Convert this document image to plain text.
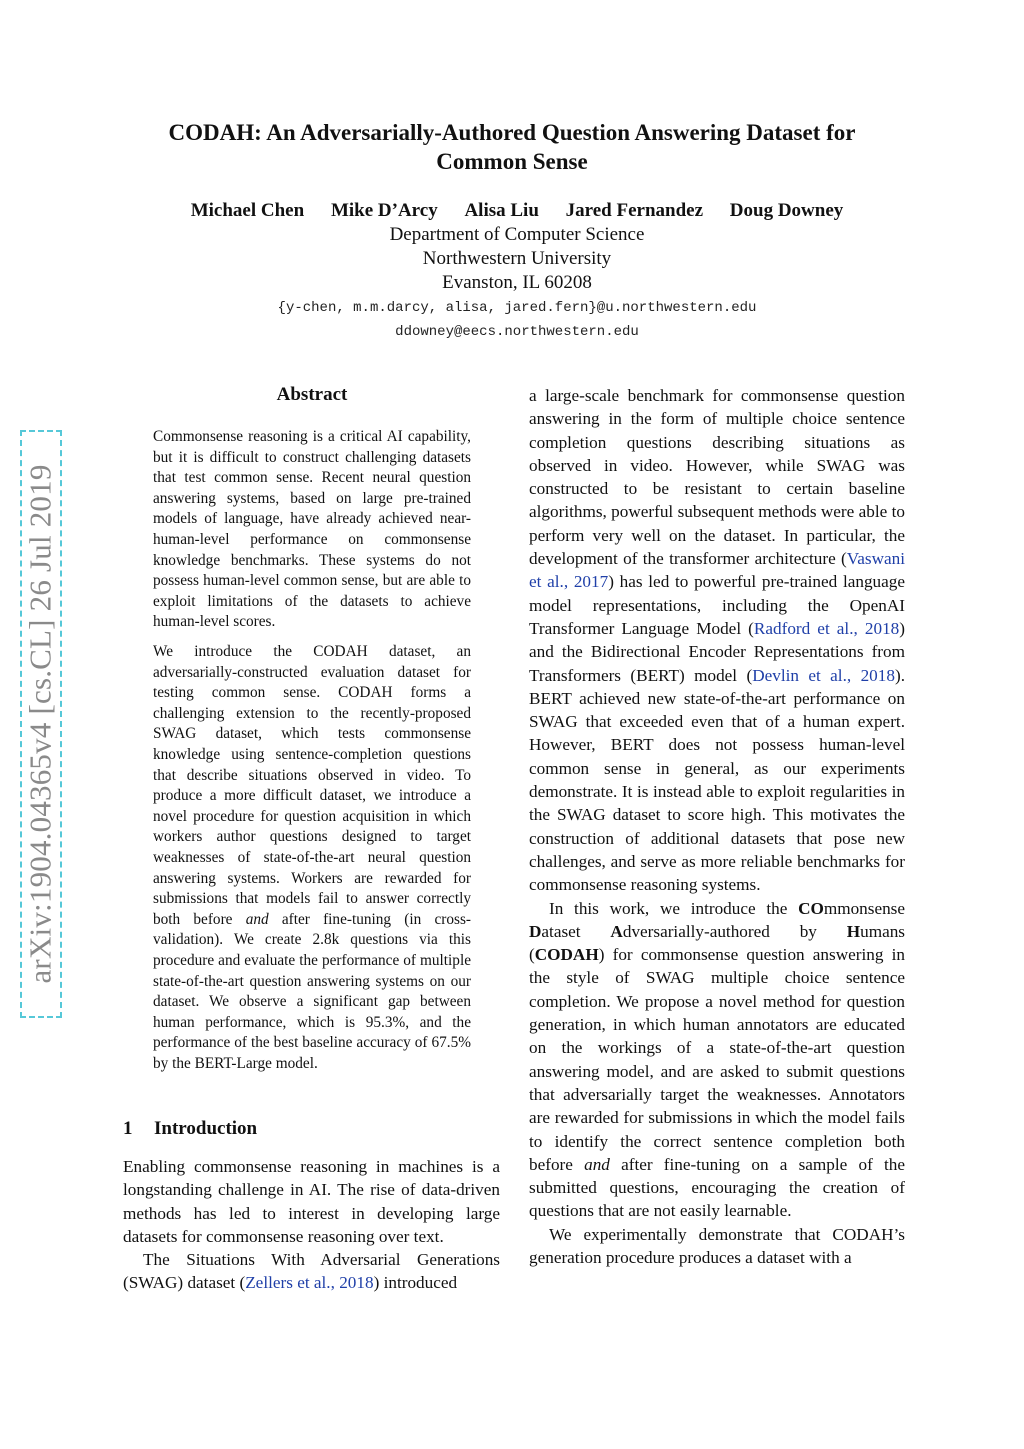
CODAH: An Adversarially-Authored Question Answering Dataset for
Common Sense
Michael Chen Mike D’Arcy Alisa Liu Jared Fernandez Doug Downey
Department of Computer Science
Northwestern University
Evanston, IL 60208
{y-chen, m.m.darcy, alisa, jared.fern}@u.northwestern.edu
ddowney@eecs.northwestern.edu
arXiv:1904.04365v4 [cs.CL] 26 Jul 2019
Abstract
Commonsense reasoning is a critical AI capability, but it is difficult to construct challenging datasets that test common sense. Recent neural question answering systems, based on large pre-trained models of language, have already achieved near-human-level performance on commonsense knowledge benchmarks. These systems do not possess human-level common sense, but are able to exploit limitations of the datasets to achieve human-level scores.
We introduce the CODAH dataset, an adversarially-constructed evaluation dataset for testing common sense. CODAH forms a challenging extension to the recently-proposed SWAG dataset, which tests commonsense knowledge using sentence-completion questions that describe situations observed in video. To produce a more difficult dataset, we introduce a novel procedure for question acquisition in which workers author questions designed to target weaknesses of state-of-the-art neural question answering systems. Workers are rewarded for submissions that models fail to answer correctly both before and after fine-tuning (in cross-validation). We create 2.8k questions via this procedure and evaluate the performance of multiple state-of-the-art question answering systems on our dataset. We observe a significant gap between human performance, which is 95.3%, and the performance of the best baseline accuracy of 67.5% by the BERT-Large model.
1 Introduction

Enabling commonsense reasoning in machines is a longstanding challenge in AI. The rise of data-driven methods has led to interest in developing large datasets for commonsense reasoning over text.

The Situations With Adversarial Generations (SWAG) dataset (Zellers et al., 2018) introduced

a large-scale benchmark for commonsense question answering in the form of multiple choice sentence completion questions describing situations as observed in video. However, while SWAG was constructed to be resistant to certain baseline algorithms, powerful subsequent methods were able to perform very well on the dataset. In particular, the development of the transformer architecture (Vaswani et al., 2017) has led to powerful pre-trained language model representations, including the OpenAI Transformer Language Model (Radford et al., 2018) and the Bidirectional Encoder Representations from Transformers (BERT) model (Devlin et al., 2018). BERT achieved new state-of-the-art performance on SWAG that exceeded even that of a human expert. However, BERT does not possess human-level common sense in general, as our experiments demonstrate. It is instead able to exploit regularities in the SWAG dataset to score high. This motivates the construction of additional datasets that pose new challenges, and serve as more reliable benchmarks for commonsense reasoning systems.

In this work, we introduce the COmmonsense Dataset Adversarially-authored by Humans (CODAH) for commonsense question answering in the style of SWAG multiple choice sentence completion. We propose a novel method for question generation, in which human annotators are educated on the workings of a state-of-the-art question answering model, and are asked to submit questions that adversarially target the weaknesses. Annotators are rewarded for submissions in which the model fails to identify the correct sentence completion both before and after fine-tuning on a sample of the submitted questions, encouraging the creation of questions that are not easily learnable.

We experimentally demonstrate that CODAH’s generation procedure produces a dataset with a
